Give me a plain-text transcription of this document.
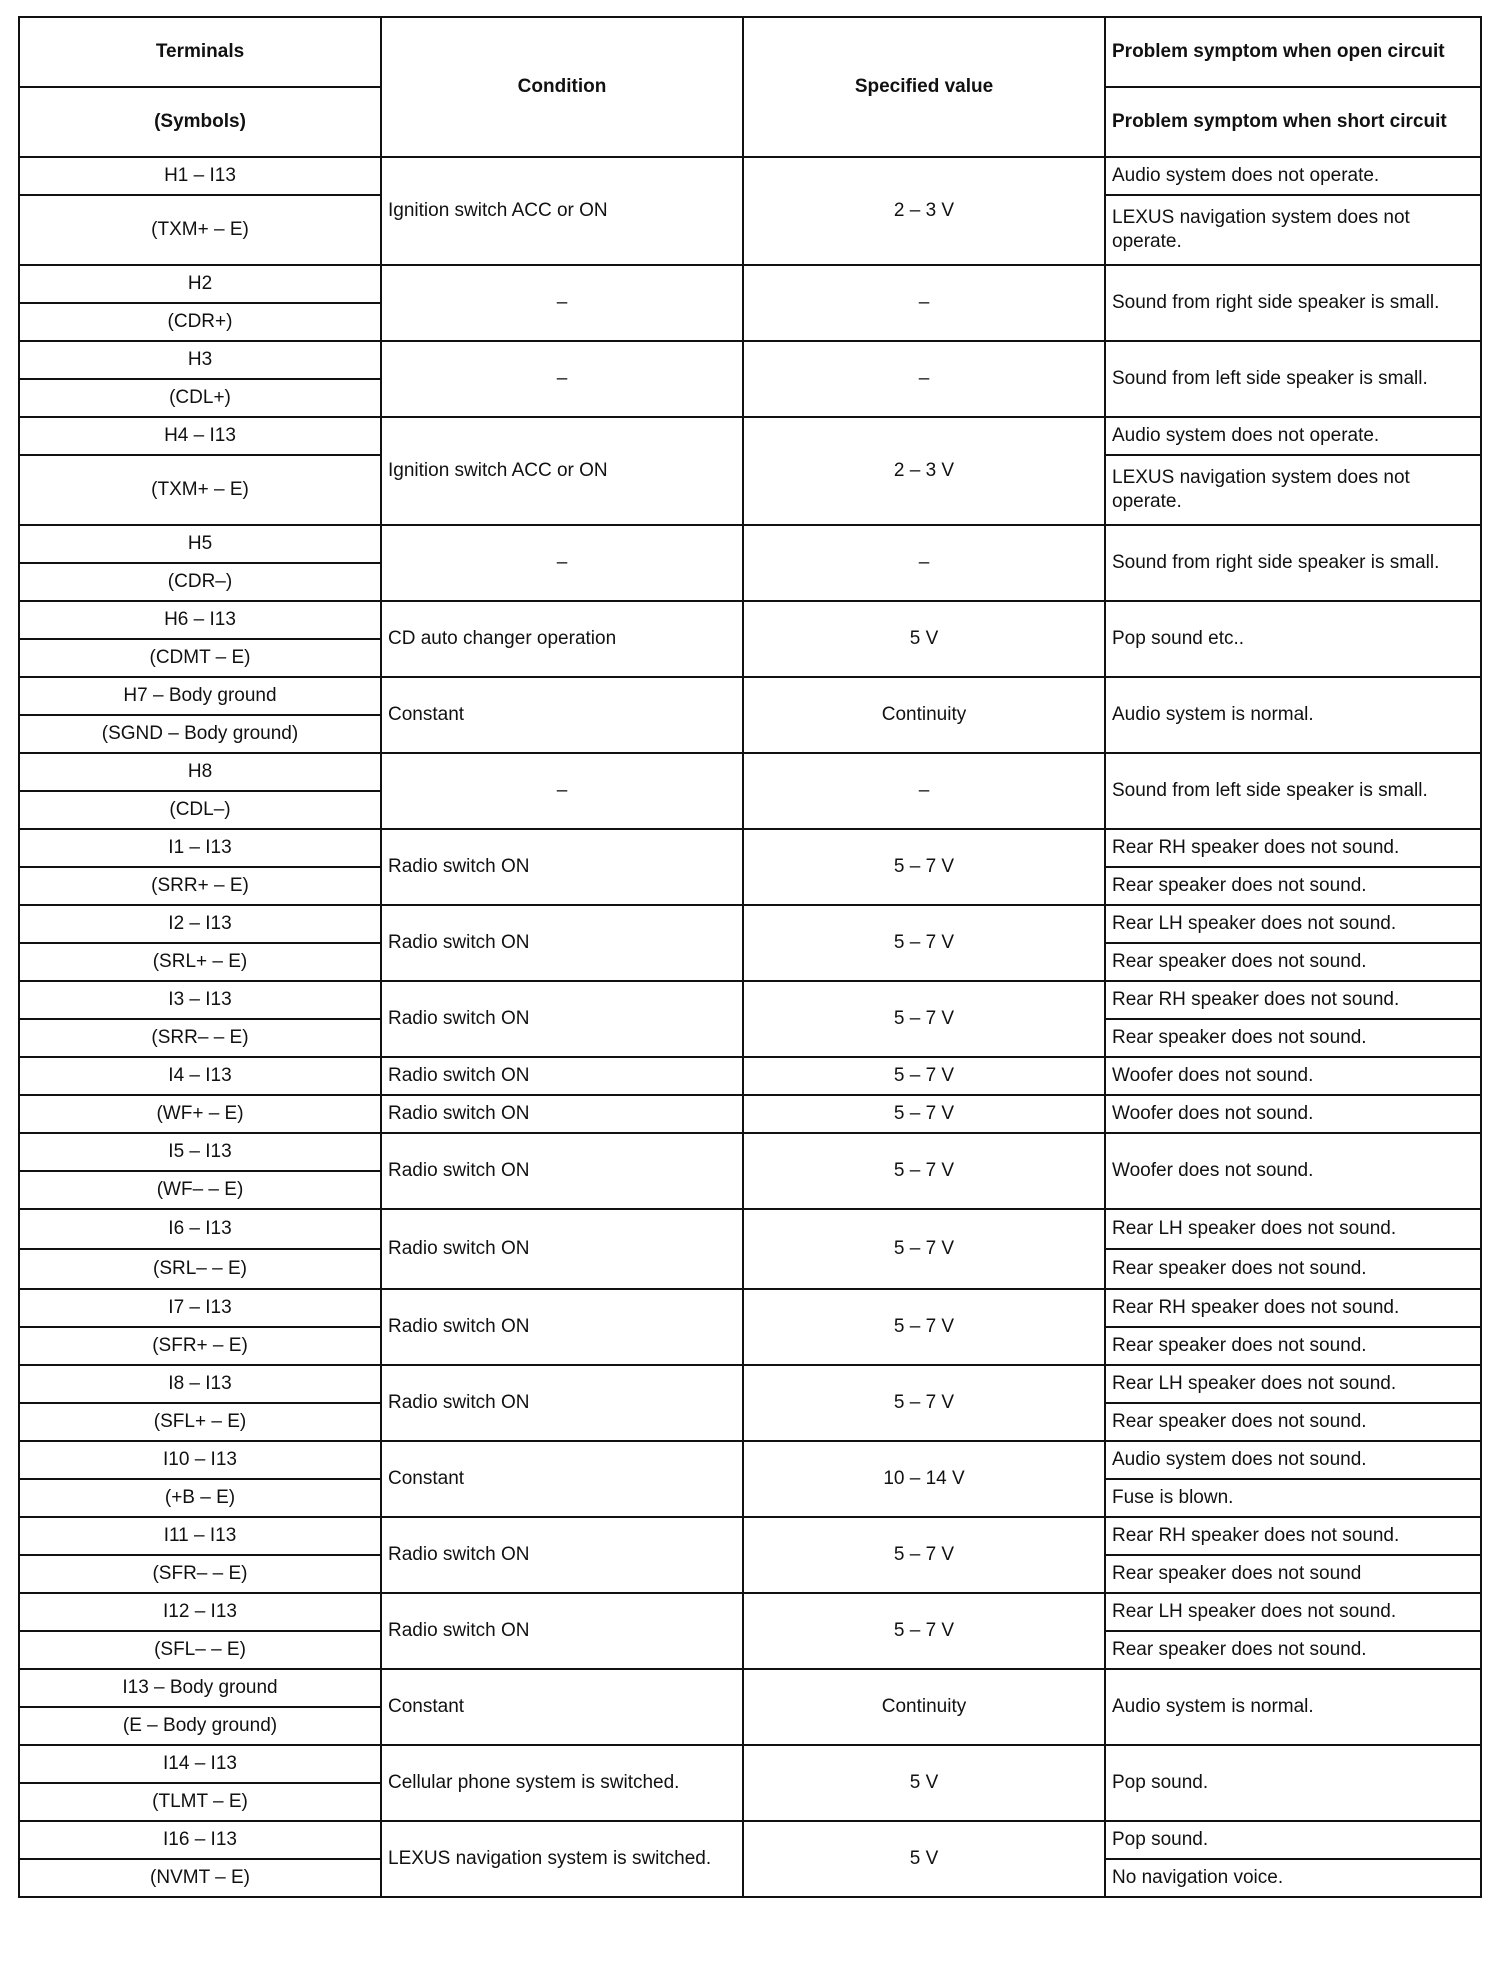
Terminals	Condition	Specified value	Problem symptom when open circuit
(Symbols)			Problem symptom when short circuit
H1 – I13	Ignition switch ACC or ON	2 – 3 V	Audio system does not operate.
(TXM+ – E)			LEXUS navigation system does not operate.
H2	–	–	Sound from right side speaker is small.
(CDR+)			
H3	–	–	Sound from left side speaker is small.
(CDL+)			
H4 – I13	Ignition switch ACC or ON	2 – 3 V	Audio system does not operate.
(TXM+ – E)			LEXUS navigation system does not operate.
H5	–	–	Sound from right side speaker is small.
(CDR–)			
H6 – I13	CD auto changer operation	5 V	Pop sound etc..
(CDMT – E)			
H7 – Body ground	Constant	Continuity	Audio system is normal.
(SGND – Body ground)			
H8	–	–	Sound from left side speaker is small.
(CDL–)			
I1 – I13	Radio switch ON	5 – 7 V	Rear RH speaker does not sound.
(SRR+ – E)			Rear speaker does not sound.
I2 – I13	Radio switch ON	5 – 7 V	Rear LH speaker does not sound.
(SRL+ – E)			Rear speaker does not sound.
I3 – I13	Radio switch ON	5 – 7 V	Rear RH speaker does not sound.
(SRR– – E)			Rear speaker does not sound.
I4 – I13	Radio switch ON	5 – 7 V	Woofer does not sound.
(WF+ – E)	Radio switch ON	5 – 7 V	Woofer does not sound.
I5 – I13	Radio switch ON	5 – 7 V	Woofer does not sound.
(WF– – E)			
I6 – I13	Radio switch ON	5 – 7 V	Rear LH speaker does not sound.
(SRL– – E)			Rear speaker does not sound.
I7 – I13	Radio switch ON	5 – 7 V	Rear RH speaker does not sound.
(SFR+ – E)			Rear speaker does not sound.
I8 – I13	Radio switch ON	5 – 7 V	Rear LH speaker does not sound.
(SFL+ – E)			Rear speaker does not sound.
I10 – I13	Constant	10 – 14 V	Audio system does not sound.
(+B – E)			Fuse is blown.
I11 – I13	Radio switch ON	5 – 7 V	Rear RH speaker does not sound.
(SFR– – E)			Rear speaker does not sound
I12 – I13	Radio switch ON	5 – 7 V	Rear LH speaker does not sound.
(SFL– – E)			Rear speaker does not sound.
I13 – Body ground	Constant	Continuity	Audio system is normal.
(E – Body ground)			
I14 – I13	Cellular phone system is switched.	5 V	Pop sound.
(TLMT – E)			
I16 – I13	LEXUS navigation system is switched.	5 V	Pop sound.
(NVMT – E)			No navigation voice.
